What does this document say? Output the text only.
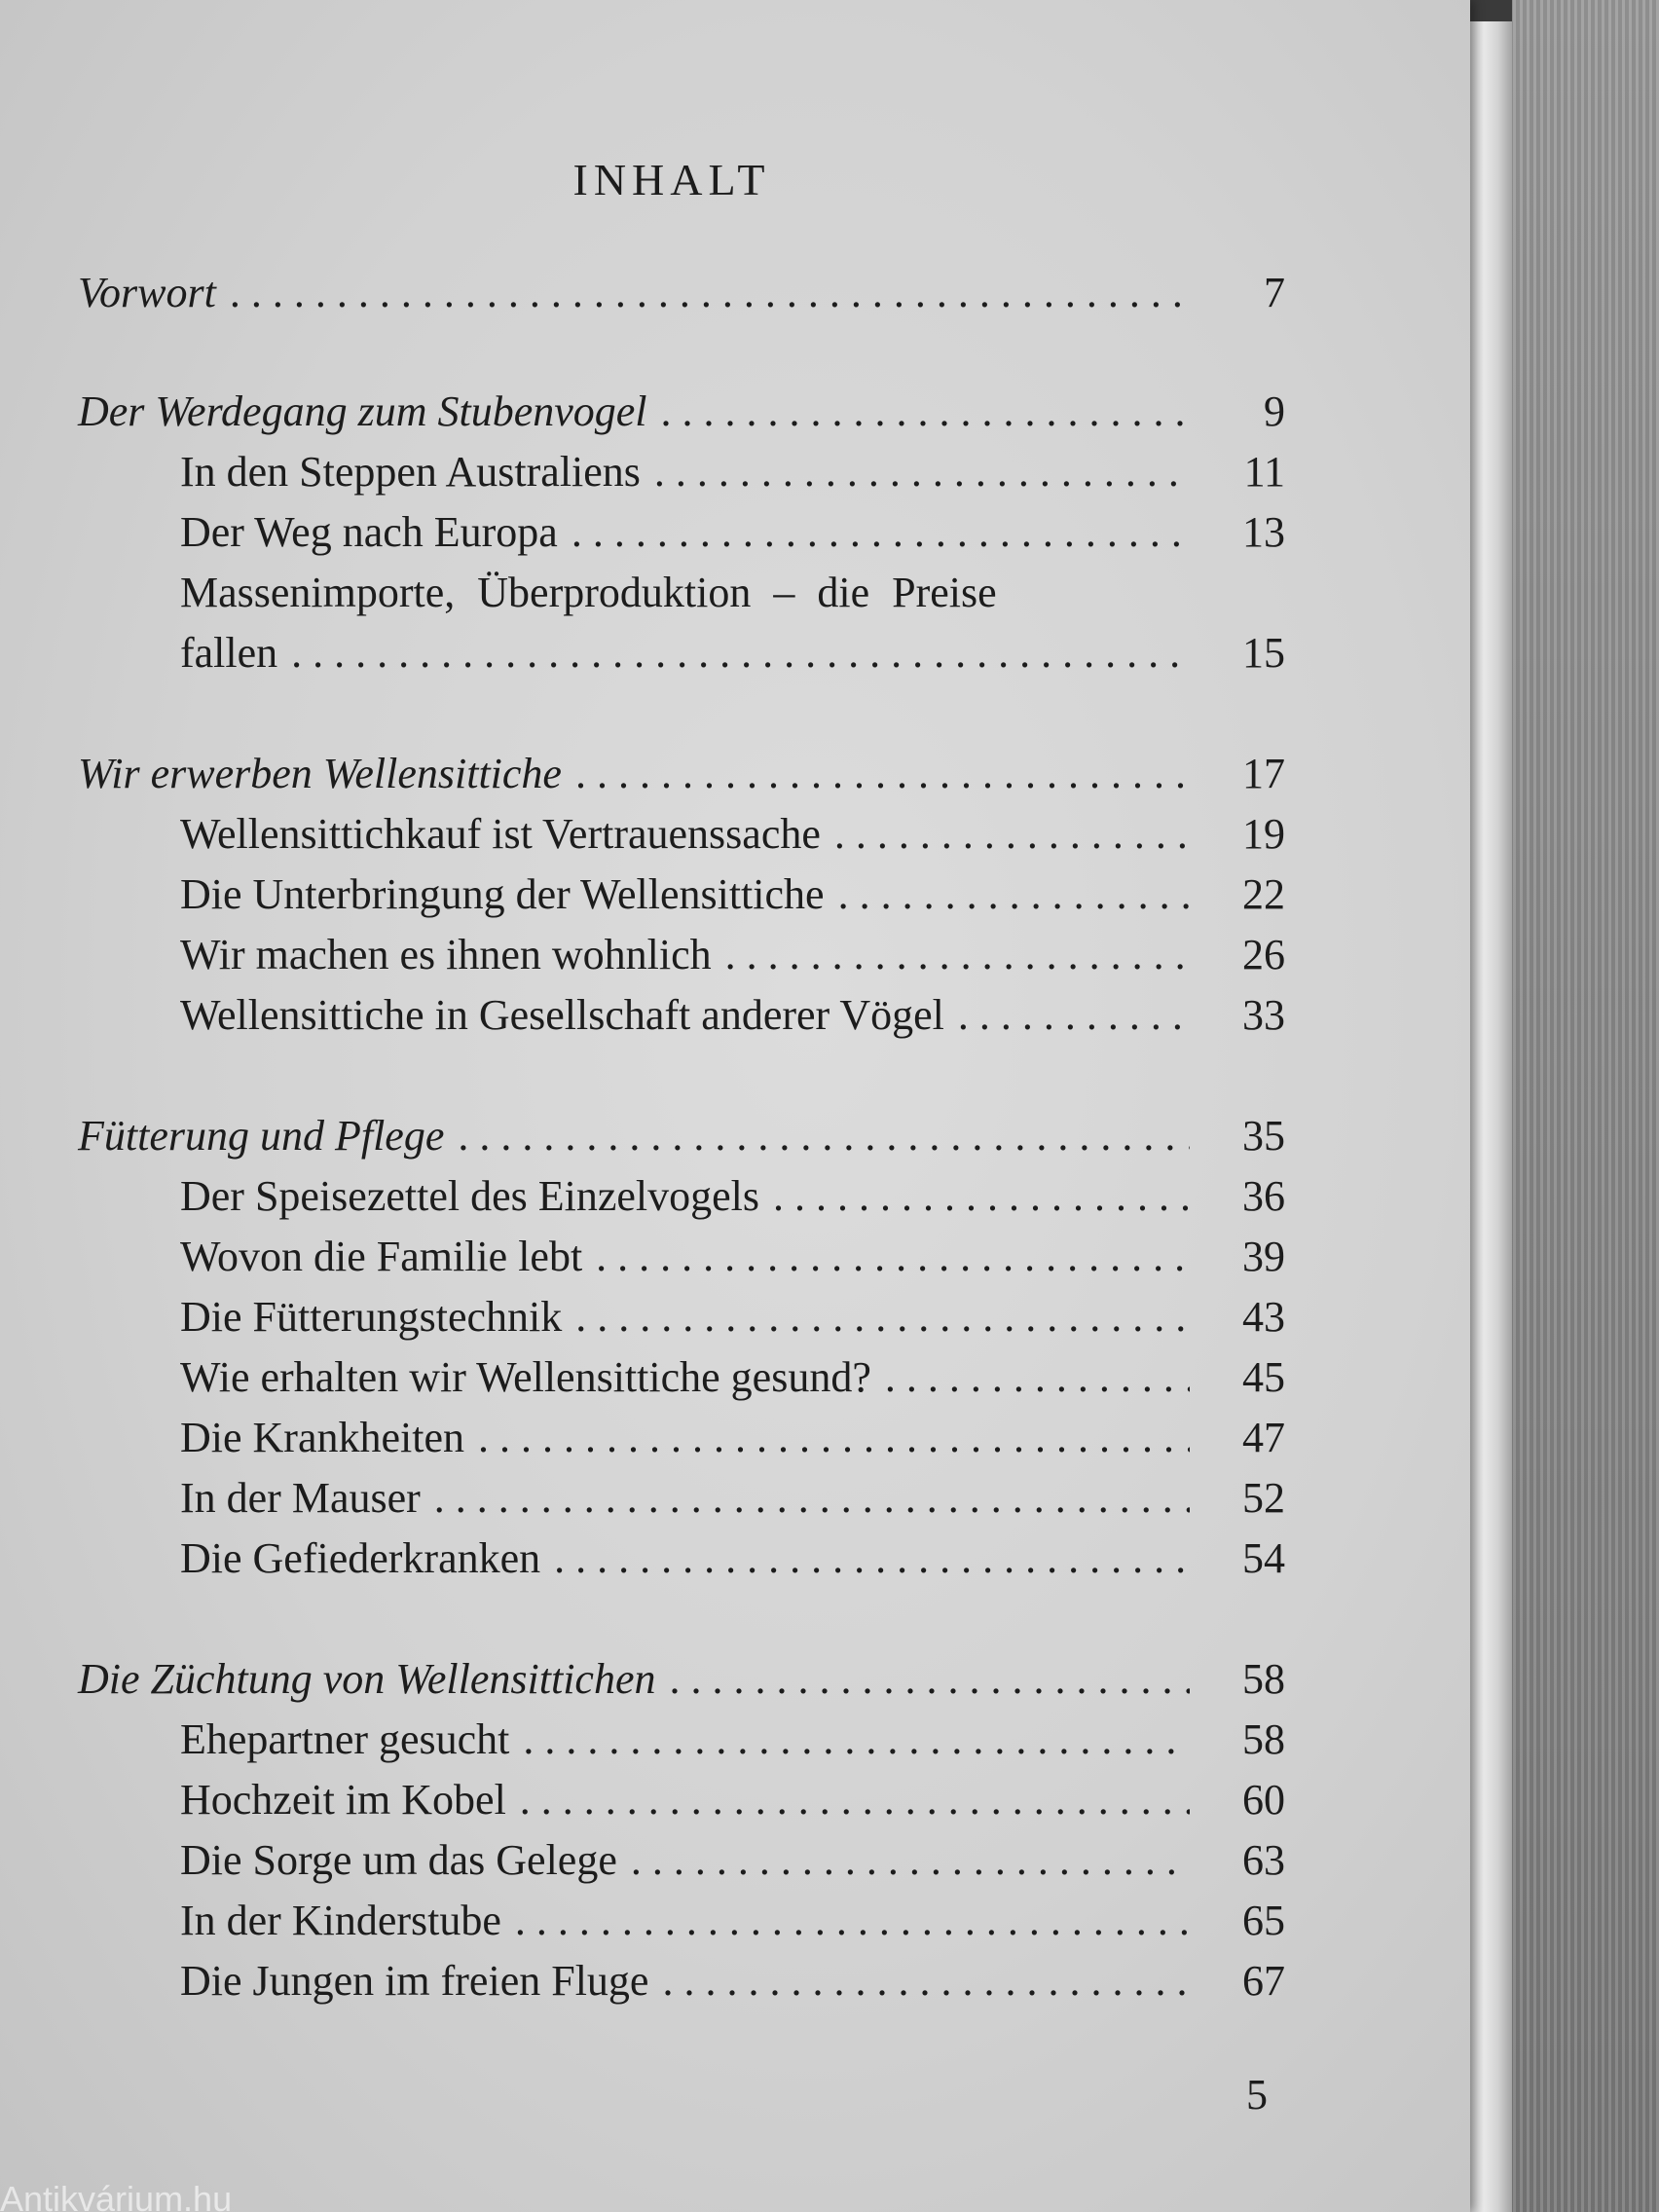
INHALT
Vorwort . . .	7
Der Werdegang zum Stubenvogel . . .	9
In den Steppen Australiens . . .	11
Der Weg nach Europa . . .	13
Massenimporte, Überproduktion – die Preise
fallen . . .	15
Wir erwerben Wellensittiche . . .	17
Wellensittichkauf ist Vertrauenssache . . .	19
Die Unterbringung der Wellensittiche . . .	22
Wir machen es ihnen wohnlich . . .	26
Wellensittiche in Gesellschaft anderer Vögel . . .	33
Fütterung und Pflege . . .	35
Der Speisezettel des Einzelvogels . . .	36
Wovon die Familie lebt . . .	39
Die Fütterungstechnik . . .	43
Wie erhalten wir Wellensittiche gesund? . . .	45
Die Krankheiten . . .	47
In der Mauser . . .	52
Die Gefiederkranken . . .	54
Die Züchtung von Wellensittichen . . .	58
Ehepartner gesucht . . .	58
Hochzeit im Kobel . . .	60
Die Sorge um das Gelege . . .	63
In der Kinderstube . . .	65
Die Jungen im freien Fluge . . .	67
5
Antikvárium.hu
